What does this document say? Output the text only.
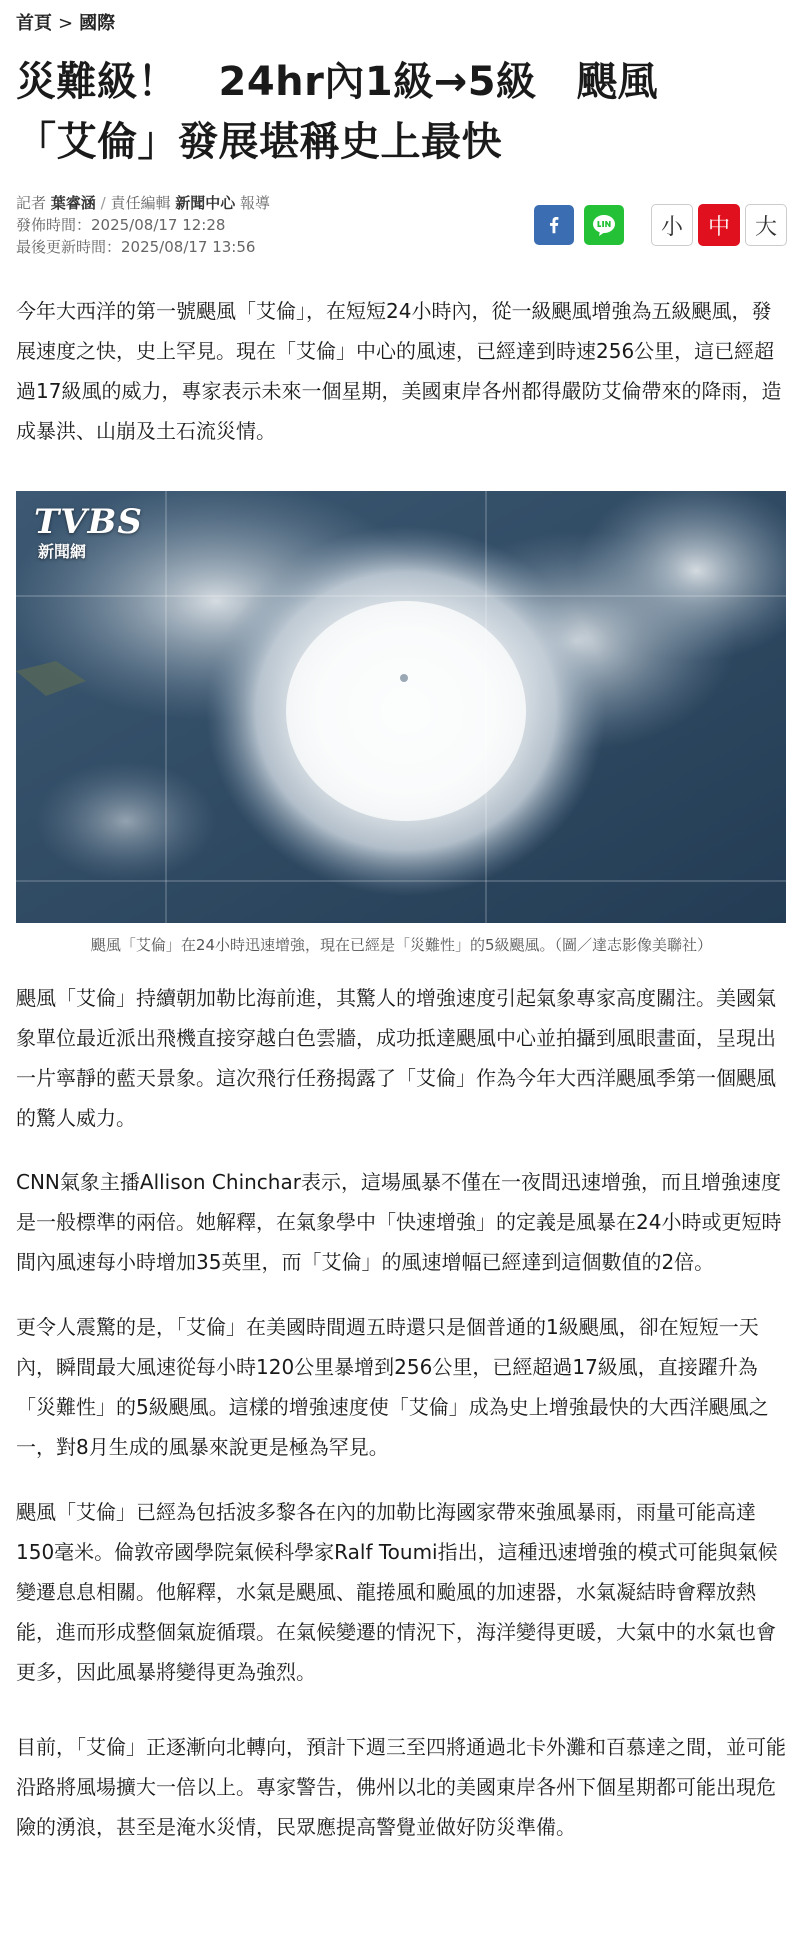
首頁 > 國際
災難級！　24hr內1級→5級　颶風
「艾倫」發展堪稱史上最快
記者 葉睿涵 / 責任編輯 新聞中心 報導
發佈時間：2025/08/17 12:28
最後更新時間：2025/08/17 13:56
小	中	大

今年大西洋的第一號颶風「艾倫」，在短短24小時內，從一級颶風增強為五級颶風，發展速度之快，史上罕見。現在「艾倫」中心的風速，已經達到時速256公里，這已經超過17級風的威力，專家表示未來一個星期，美國東岸各州都得嚴防艾倫帶來的降雨，造成暴洪、山崩及土石流災情。

TVBS
新聞網
颶風「艾倫」在24小時迅速增強，現在已經是「災難性」的5級颶風。（圖／達志影像美聯社）

颶風「艾倫」持續朝加勒比海前進，其驚人的增強速度引起氣象專家高度關注。美國氣象單位最近派出飛機直接穿越白色雲牆，成功抵達颶風中心並拍攝到風眼畫面，呈現出一片寧靜的藍天景象。這次飛行任務揭露了「艾倫」作為今年大西洋颶風季第一個颶風的驚人威力。

CNN氣象主播Allison Chinchar表示，這場風暴不僅在一夜間迅速增強，而且增強速度是一般標準的兩倍。她解釋，在氣象學中「快速增強」的定義是風暴在24小時或更短時間內風速每小時增加35英里，而「艾倫」的風速增幅已經達到這個數值的2倍。

更令人震驚的是，「艾倫」在美國時間週五時還只是個普通的1級颶風，卻在短短一天內，瞬間最大風速從每小時120公里暴增到256公里，已經超過17級風，直接躍升為「災難性」的5級颶風。這樣的增強速度使「艾倫」成為史上增強最快的大西洋颶風之一，對8月生成的風暴來說更是極為罕見。

颶風「艾倫」已經為包括波多黎各在內的加勒比海國家帶來強風暴雨，雨量可能高達150毫米。倫敦帝國學院氣候科學家Ralf Toumi指出，這種迅速增強的模式可能與氣候變遷息息相關。他解釋，水氣是颶風、龍捲風和颱風的加速器，水氣凝結時會釋放熱能，進而形成整個氣旋循環。在氣候變遷的情況下，海洋變得更暖，大氣中的水氣也會更多，因此風暴將變得更為強烈。

目前，「艾倫」正逐漸向北轉向，預計下週三至四將通過北卡外灘和百慕達之間，並可能沿路將風場擴大一倍以上。專家警告，佛州以北的美國東岸各州下個星期都可能出現危險的湧浪，甚至是淹水災情，民眾應提高警覺並做好防災準備。
